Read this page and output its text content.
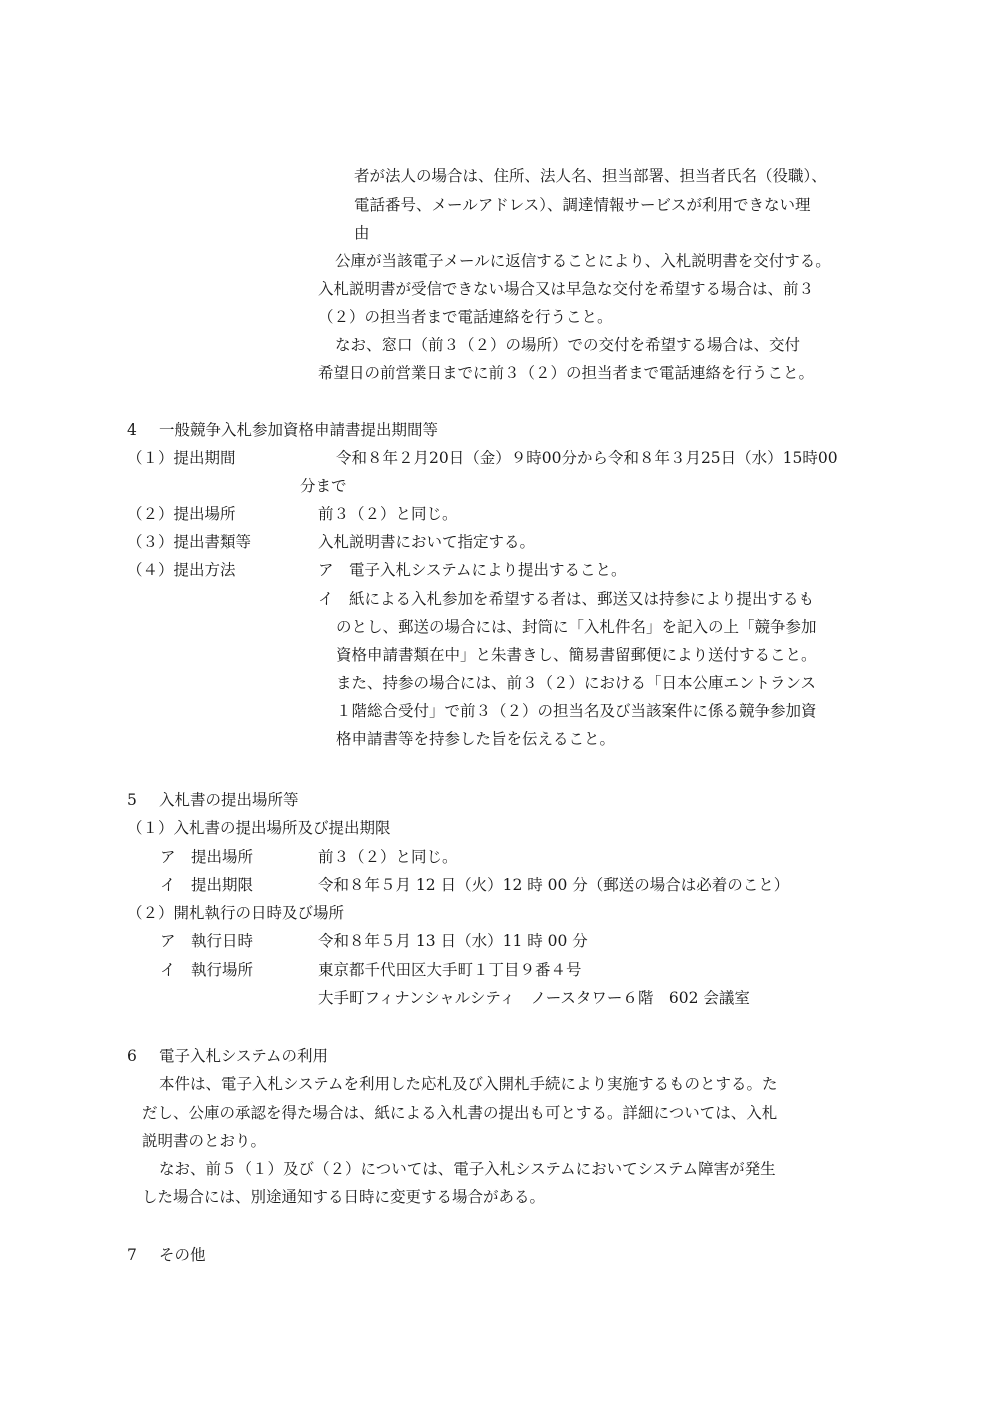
者が法人の場合は、住所、法人名、担当部署、担当者氏名（役職）、
電話番号、メールアドレス）、調達情報サービスが利用できない理
由
公庫が当該電子メールに返信することにより、入札説明書を交付する。
入札説明書が受信できない場合又は早急な交付を希望する場合は、前３
（２）の担当者まで電話連絡を行うこと。
なお、窓口（前３（２）の場所）での交付を希望する場合は、交付
希望日の前営業日までに前３（２）の担当者まで電話連絡を行うこと。
4 一般競争入札参加資格申請書提出期間等
（１）提出期間	令和８年２月20日（金）９時00分から令和８年３月25日（水）15時00
分まで
（２）提出場所	前３（２）と同じ。
（３）提出書類等	入札説明書において指定する。
（４）提出方法	ア　電子入札システムにより提出すること。
イ　紙による入札参加を希望する者は、郵送又は持参により提出するも
のとし、郵送の場合には、封筒に「入札件名」を記入の上「競争参加
資格申請書類在中」と朱書きし、簡易書留郵便により送付すること。
また、持参の場合には、前３（２）における「日本公庫エントランス
１階総合受付」で前３（２）の担当名及び当該案件に係る競争参加資
格申請書等を持参した旨を伝えること。
5 入札書の提出場所等
（１）入札書の提出場所及び提出期限
ア　提出場所	前３（２）と同じ。
イ　提出期限	令和８年５月 12 日（火）12 時 00 分（郵送の場合は必着のこと）
（２）開札執行の日時及び場所
ア　執行日時	令和８年５月 13 日（水）11 時 00 分
イ　執行場所	東京都千代田区大手町１丁目９番４号
大手町フィナンシャルシティ　ノースタワー６階　602 会議室
6 電子入札システムの利用
本件は、電子入札システムを利用した応札及び入開札手続により実施するものとする。た
だし、公庫の承認を得た場合は、紙による入札書の提出も可とする。詳細については、入札
説明書のとおり。
なお、前５（１）及び（２）については、電子入札システムにおいてシステム障害が発生
した場合には、別途通知する日時に変更する場合がある。
7 その他
